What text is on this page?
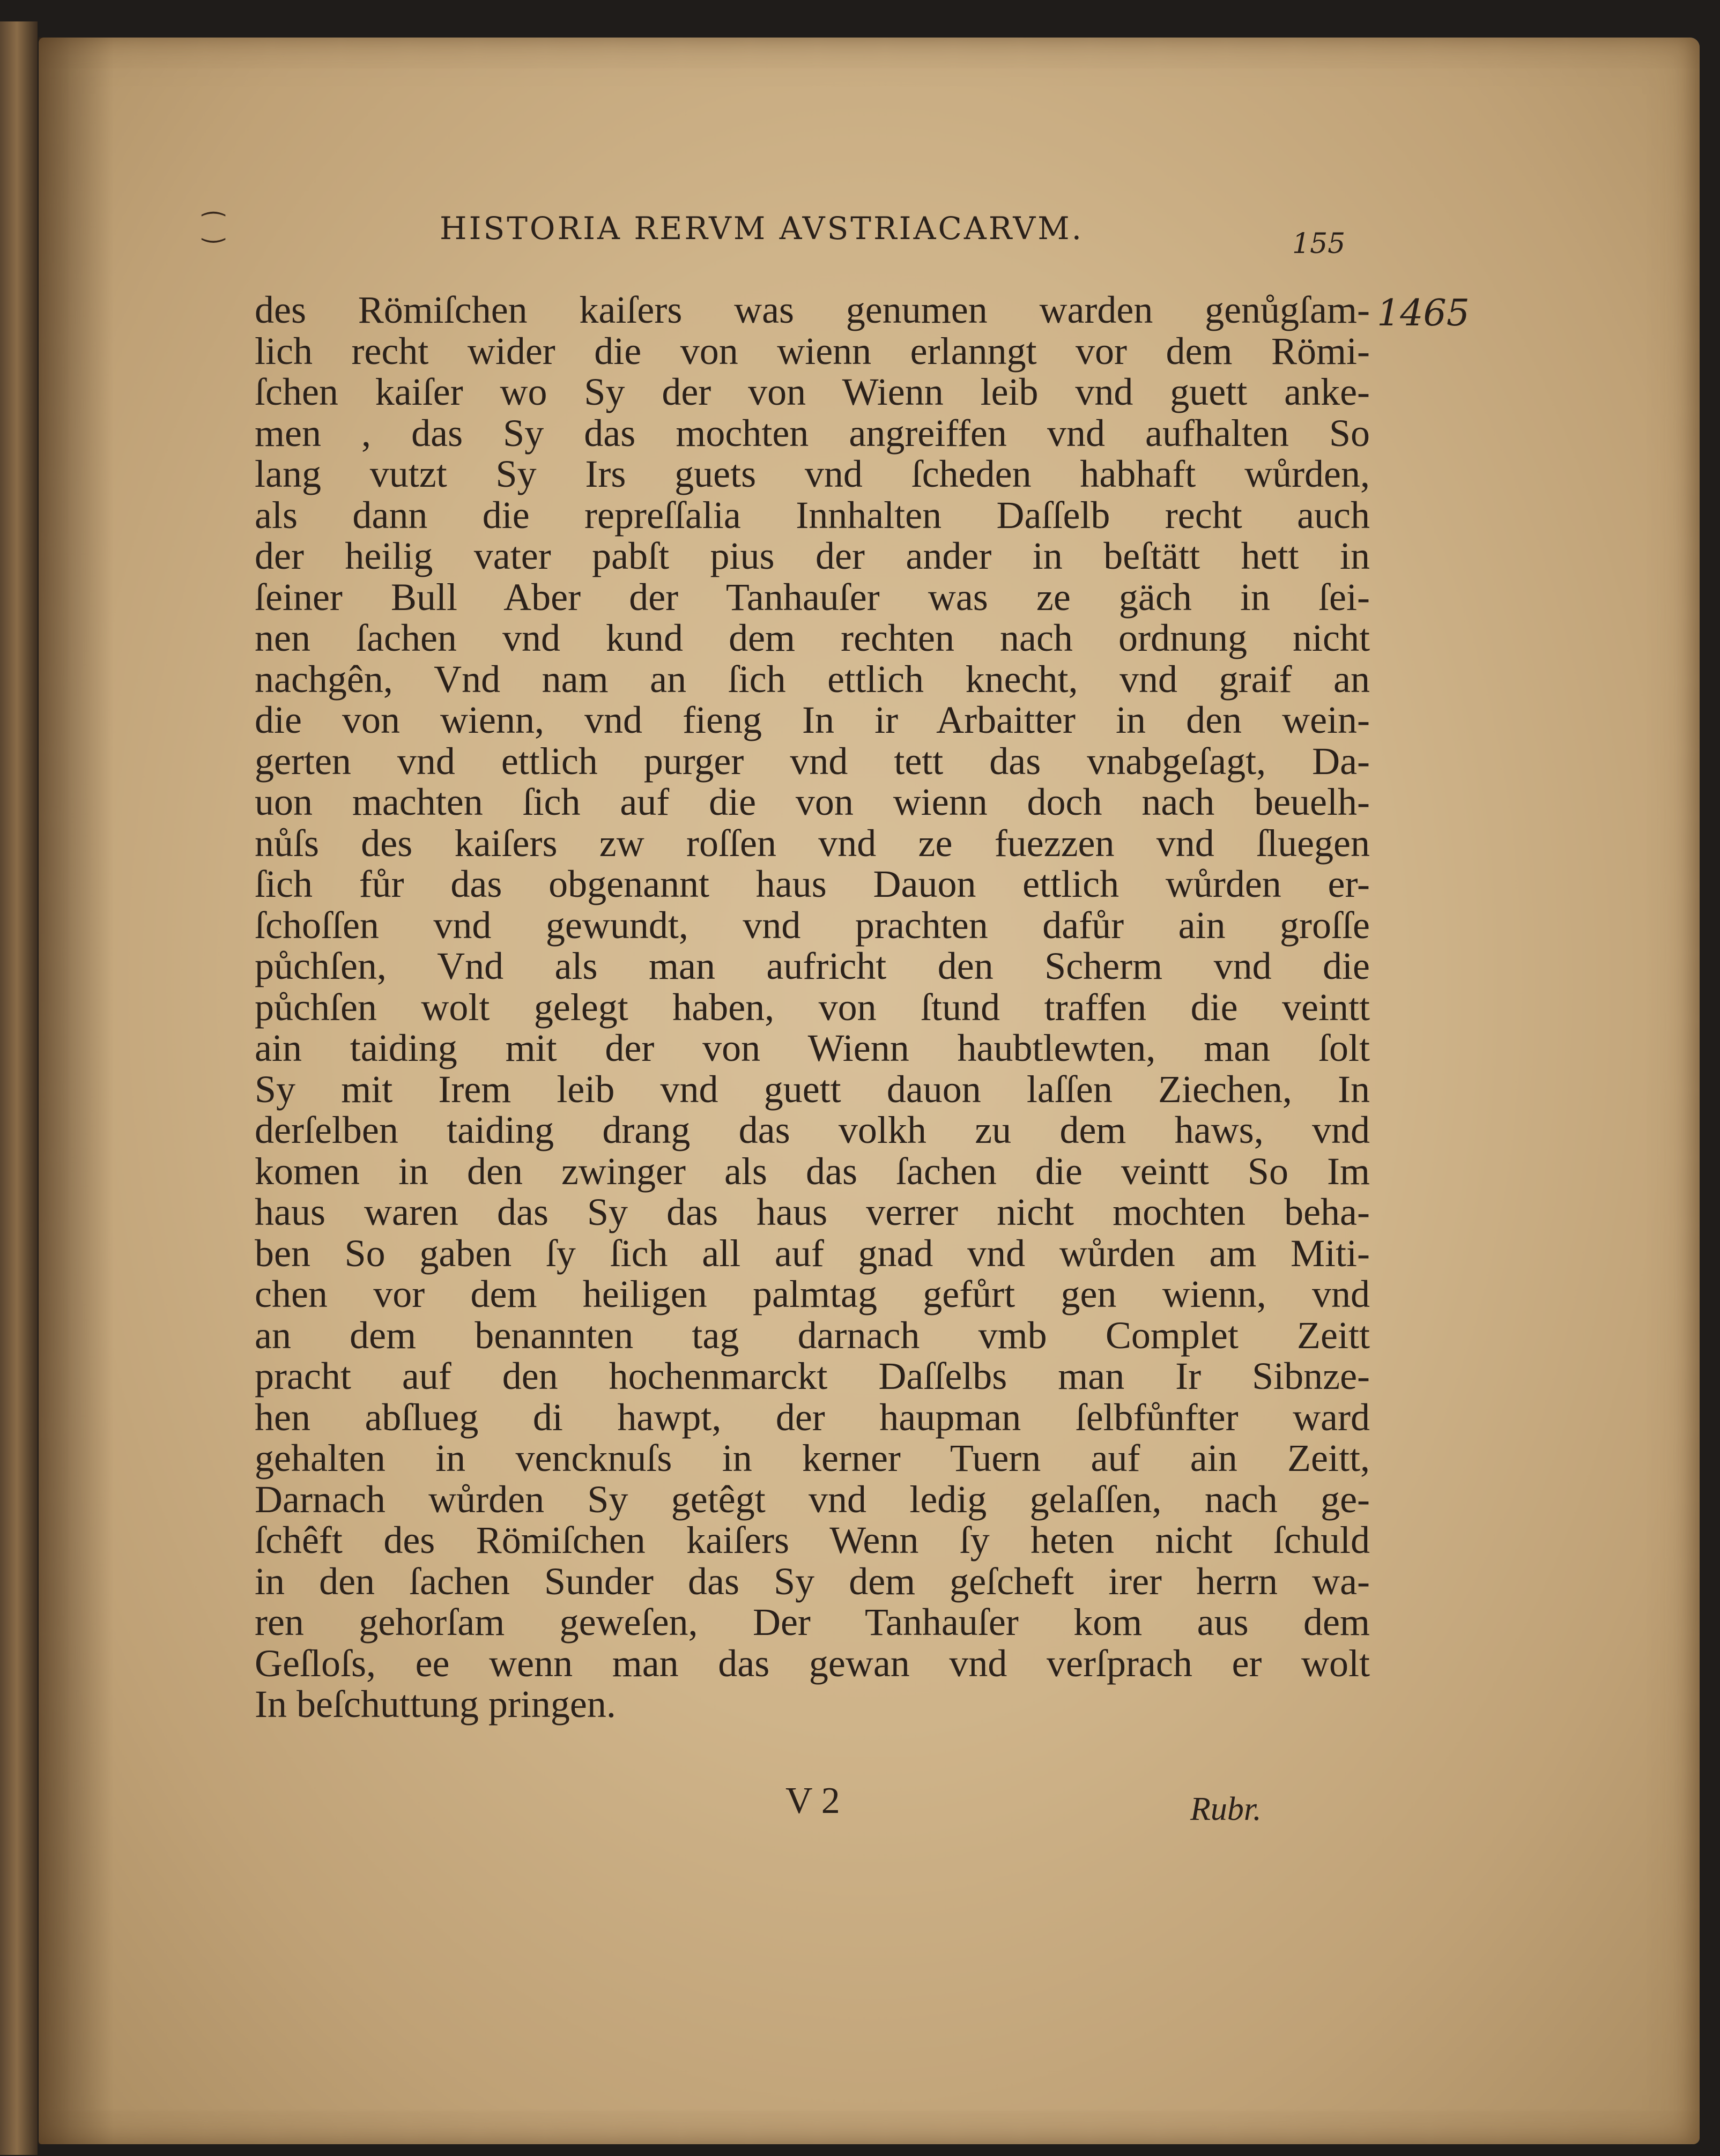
⁐	HISTORIA RERVM AVSTRIACARVM.	155
1465
des Römiſchen kaiſers was genumen warden genůgſam-
lich recht wider die von wienn erlanngt vor dem Römi-
ſchen kaiſer wo Sy der von Wienn leib vnd guett anke-
men , das Sy das mochten angreiffen vnd aufhalten So
lang vutzt Sy Irs guets vnd ſcheden habhaft wůrden,
als dann die repreſſalia Innhalten Daſſelb recht auch
der heilig vater pabſt pius der ander in beſtätt hett in
ſeiner Bull Aber der Tanhauſer was ze gäch in ſei-
nen ſachen vnd kund dem rechten nach ordnung nicht
nachgên, Vnd nam an ſich ettlich knecht, vnd graif an
die von wienn, vnd fieng In ir Arbaitter in den wein-
gerten vnd ettlich purger vnd tett das vnabgeſagt, Da-
uon machten ſich auf die von wienn doch nach beuelh-
nůſs des kaiſers zw roſſen vnd ze fuezzen vnd ſluegen
ſich fůr das obgenannt haus Dauon ettlich wůrden er-
ſchoſſen vnd gewundt, vnd prachten dafůr ain groſſe
půchſen, Vnd als man aufricht den Scherm vnd die
půchſen wolt gelegt haben, von ſtund traffen die veintt
ain taiding mit der von Wienn haubtlewten, man ſolt
Sy mit Irem leib vnd guett dauon laſſen Ziechen, In
derſelben taiding drang das volkh zu dem haws, vnd
komen in den zwinger als das ſachen die veintt So Im
haus waren das Sy das haus verrer nicht mochten beha-
ben So gaben ſy ſich all auf gnad vnd wůrden am Miti-
chen vor dem heiligen palmtag gefůrt gen wienn, vnd
an dem benannten tag darnach vmb Complet Zeitt
pracht auf den hochenmarckt Daſſelbs man Ir Sibnze-
hen abſlueg di hawpt, der haupman ſelbfůnfter ward
gehalten in vencknuſs in kerner Tuern auf ain Zeitt,
Darnach wůrden Sy getêgt vnd ledig gelaſſen, nach ge-
ſchêft des Römiſchen kaiſers Wenn ſy heten nicht ſchuld
in den ſachen Sunder das Sy dem geſcheft irer herrn wa-
ren gehorſam geweſen, Der Tanhauſer kom aus dem
Geſloſs, ee wenn man das gewan vnd verſprach er wolt
In beſchuttung pringen.
V 2	Rubr.
